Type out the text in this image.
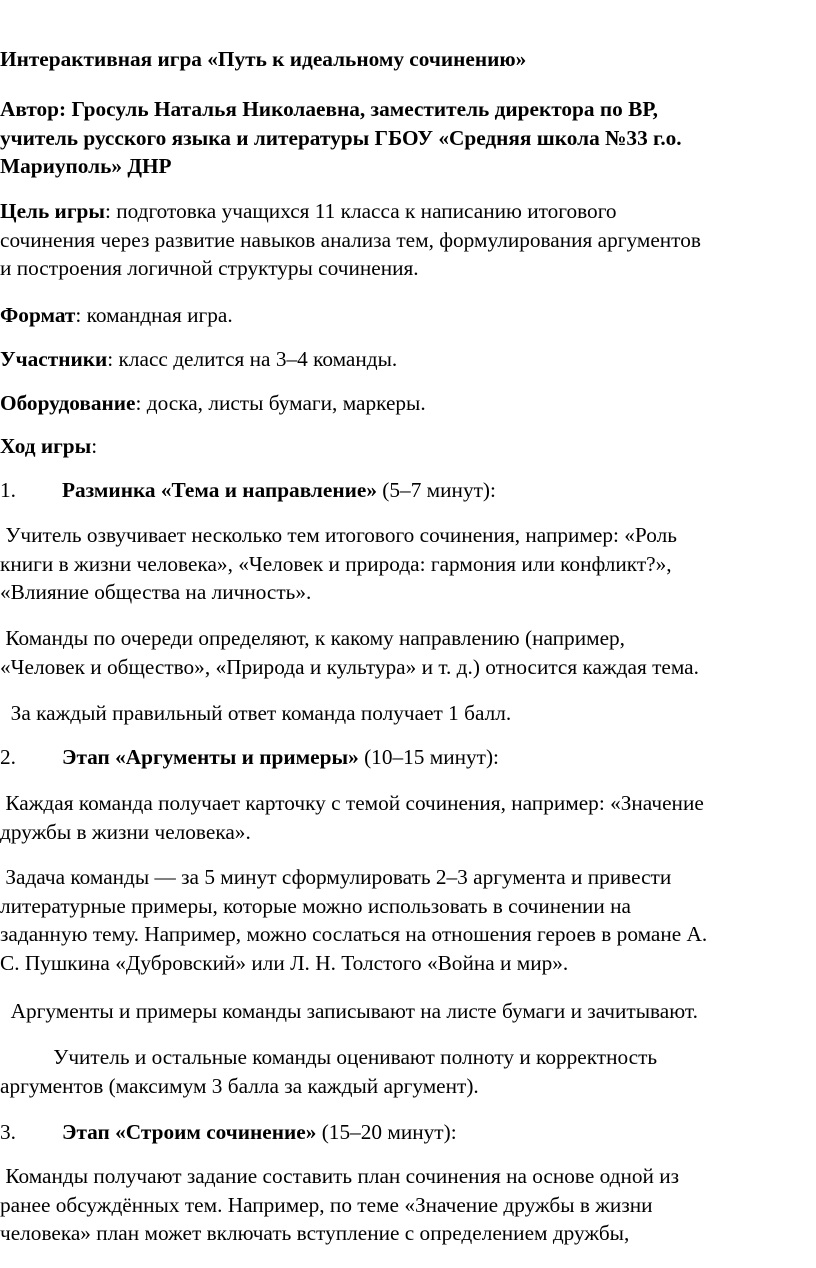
Интерактивная игра «Путь к идеальному сочинению»

Автор: Гросуль Наталья Николаевна, заместитель директора по ВР,
учитель русского языка и литературы ГБОУ «Средняя школа №33 г.о.
Мариуполь» ДНР
Цель игры: подготовка учащихся 11 класса к написанию итогового
сочинения через развитие навыков анализа тем, формулирования аргументов
и построения логичной структуры сочинения.

Формат: командная игра.

Участники: класс делится на 3–4 команды.

Оборудование: доска, листы бумаги, маркеры.

Ход игры:

1. Разминка «Тема и направление» (5–7 минут):

Учитель озвучивает несколько тем итогового сочинения, например: «Роль
книги в жизни человека», «Человек и природа: гармония или конфликт?»,
«Влияние общества на личность».
Команды по очереди определяют, к какому направлению (например,
«Человек и общество», «Природа и культура» и т. д.) относится каждая тема.

За каждый правильный ответ команда получает 1 балл.

2. Этап «Аргументы и примеры» (10–15 минут):

Каждая команда получает карточку с темой сочинения, например: «Значение
дружбы в жизни человека».
Задача команды — за 5 минут сформулировать 2–3 аргумента и привести
литературные примеры, которые можно использовать в сочинении на
заданную тему. Например, можно сослаться на отношения героев в романе А.
С. Пушкина «Дубровский» или Л. Н. Толстого «Война и мир».

Аргументы и примеры команды записывают на листе бумаги и зачитывают.

Учитель и остальные команды оценивают полноту и корректность
аргументов (максимум 3 балла за каждый аргумент).

3. Этап «Строим сочинение» (15–20 минут):

Команды получают задание составить план сочинения на основе одной из
ранее обсуждённых тем. Например, по теме «Значение дружбы в жизни
человека» план может включать вступление с определением дружбы,
